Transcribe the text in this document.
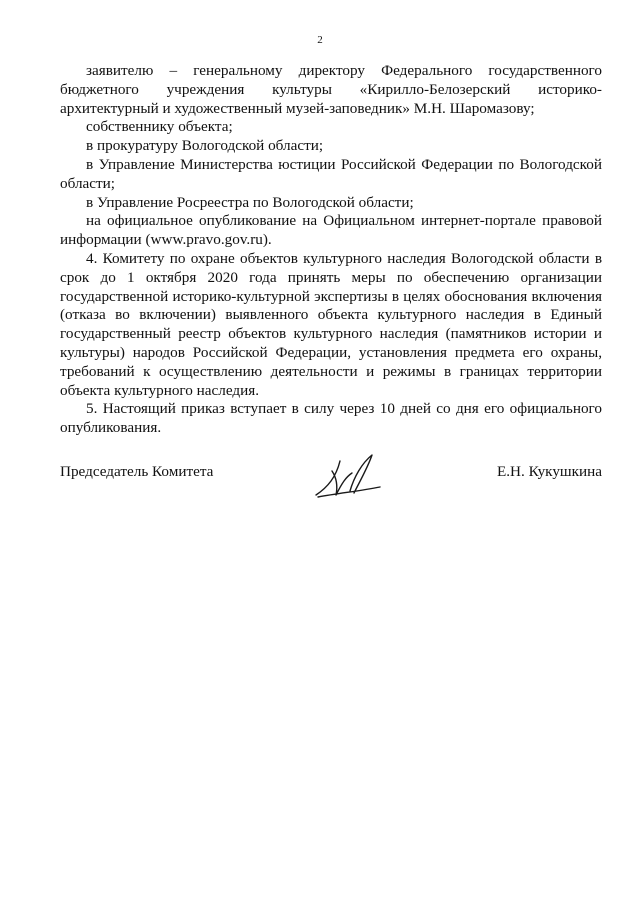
2

заявителю – генеральному директору Федерального государственного бюджетного учреждения культуры «Кирилло-Белозерский историко-архитектурный и художественный музей-заповедник» М.Н. Шаромазову;

собственнику объекта;

в прокуратуру Вологодской области;

в Управление Министерства юстиции Российской Федерации по Вологодской области;

в Управление Росреестра по Вологодской области;

на официальное опубликование на Официальном интернет-портале правовой информации (www.pravo.gov.ru).

4. Комитету по охране объектов культурного наследия Вологодской области в срок до 1 октября 2020 года принять меры по обеспечению организации государственной историко-культурной экспертизы в целях обоснования включения (отказа во включении) выявленного объекта культурного наследия в Единый государственный реестр объектов культурного наследия (памятников истории и культуры) народов Российской Федерации, установления предмета его охраны, требований к осуществлению деятельности и режимы в границах территории объекта культурного наследия.

5. Настоящий приказ вступает в силу через 10 дней со дня его официального опубликования.

Председатель Комитета	Е.Н. Кукушкина
